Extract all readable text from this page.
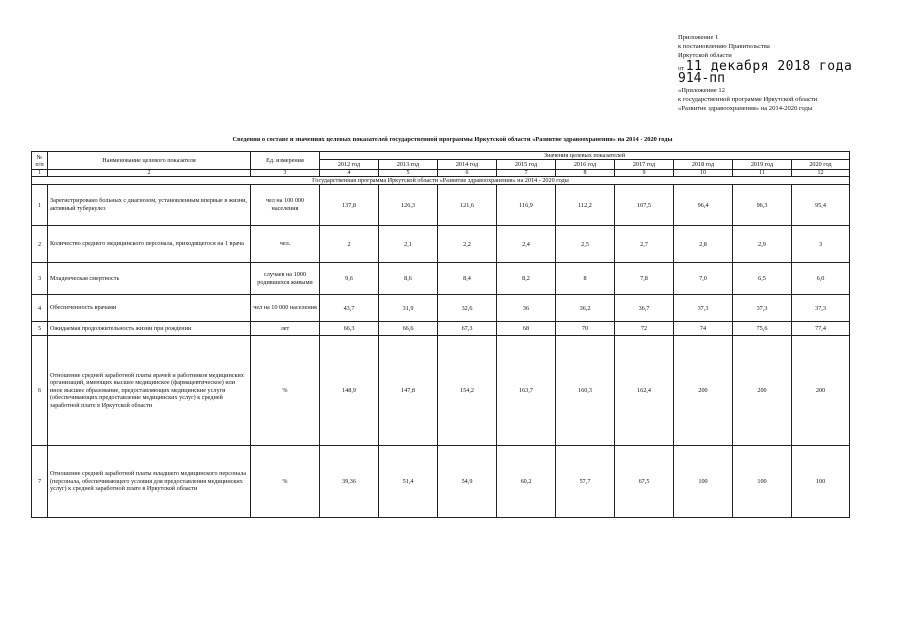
Приложение 1
к постановлению Правительства
Иркутской области
от 11 декабря 2018 года
914-пп
«Приложение 12
к государственной программе Иркутской области
«Развитие здравоохранения» на 2014-2020 годы
Сведения о составе и значениях целевых показателей государственной программы Иркутской области «Развитие здравоохранения» на 2014 - 2020 годы
№ п/п	Наименование целевого показателя	Ед. измерения	Значения целевых показателей								
			2012 год	2013 год	2014 год	2015 год	2016 год	2017 год	2018 год	2019 год	2020 год
1	2	3	4	5	6	7	8	9	10	11	12
Государственная программа Иркутской области «Развитие здравоохранения» на 2014 - 2020 годы											
1	Зарегистрировано больных с диагнозом, установленным впервые в жизни, активный туберкулез	чел на 100 000 населения	137,8	126,3	121,6	116,9	112,2	107,5	96,4	96,3	95,4
2	Количество среднего медицинского персонала, приходящегося на 1 врача	чел.	2	2,1	2,2	2,4	2,5	2,7	2,8	2,9	3
3	Младенческая смертность	случаев на 1000 родившихся живыми	9,6	8,6	8,4	8,2	8	7,8	7,0	6,5	6,0
4	Обеспеченность врачами	чел на 10 000 населения	43,7	31,9	32,6	36	36,2	36,7	37,3	37,3	37,3
5	Ожидаемая продолжительность жизни при рождении	лет	66,3	66,6	67,3	68	70	72	74	75,6	77,4
6	Отношение средней заработной платы врачей и работников медицинских организаций, имеющих высшее медицинское (фармацевтическое) или иное высшее образование, предоставляющих медицинские услуги (обеспечивающих предоставление медицинских услуг) к средней заработной плате в Иркутской области	%	148,9	147,8	154,2	163,7	160,3	162,4	200	200	200
7	Отношение средней заработной платы младшего медицинского персонала (персонала, обеспечивающего условия для предоставления медицинских услуг) к средней заработной плате в Иркутской области	%	39,36	51,4	54,9	60,2	57,7	67,5	100	100	100
